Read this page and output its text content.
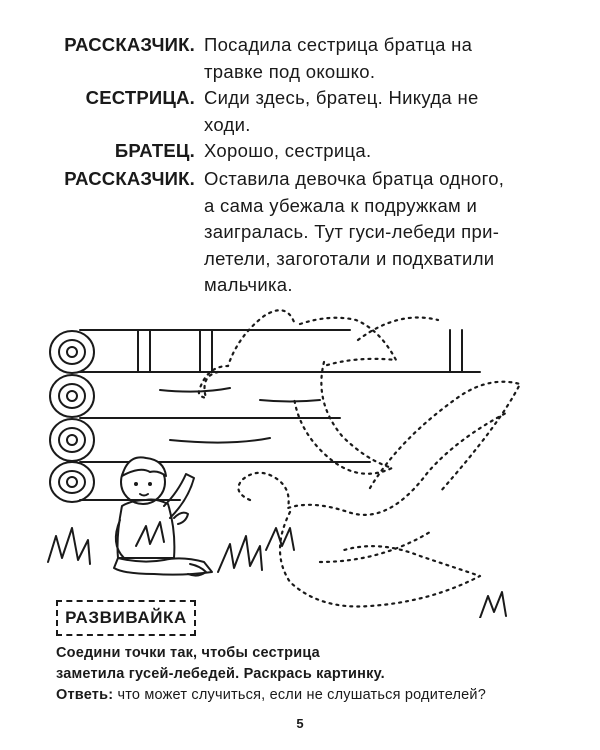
РАССКАЗЧИК. Посадила сестрица братца на

травке под окошко.

СЕСТРИЦА. Сиди здесь, братец. Никуда не

ходи.

БРАТЕЦ. Хорошо, сестрица.

РАССКАЗЧИК. Оставила девочка братца одного,

а сама убежала к подружкам и

заигралась. Тут гуси-лебеди при-

летели, загоготали и подхватили

мальчика.

РАЗВИВАЙКА

Соедини точки так, чтобы сестрица

заметила гусей-лебедей. Раскрась картинку.

Ответь: что может случиться, если не слушаться родителей?
5
